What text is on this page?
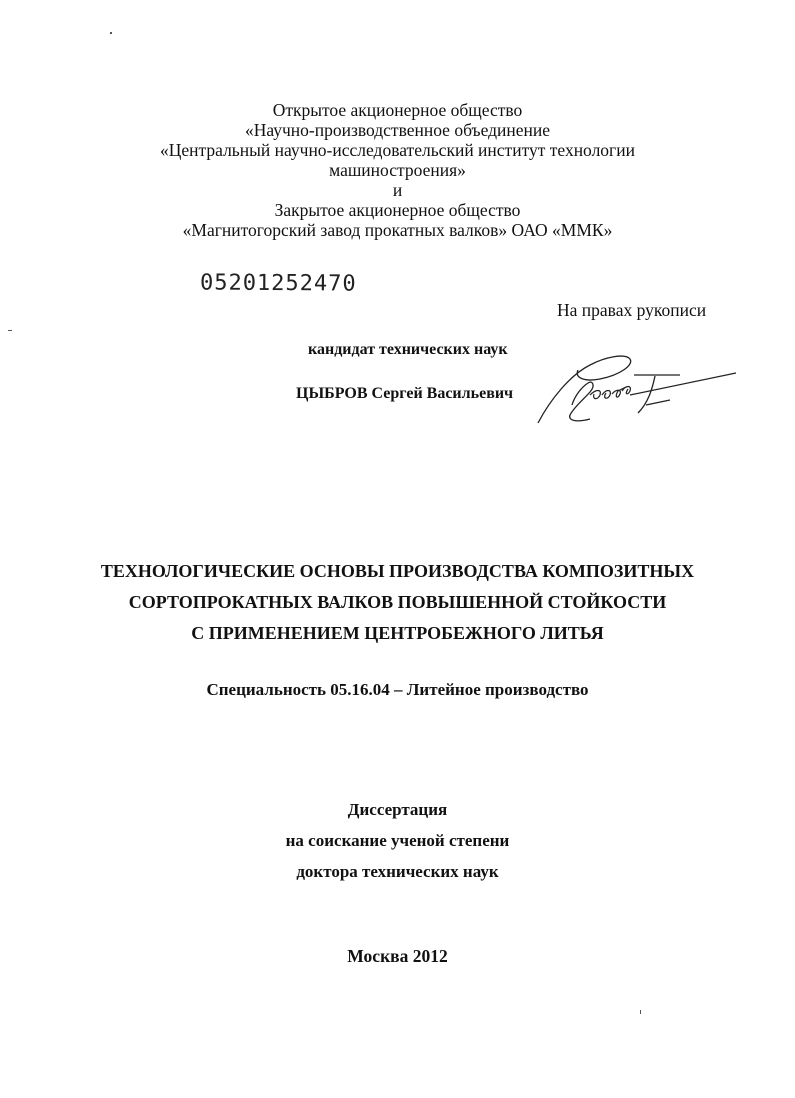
Открытое акционерное общество

«Научно-производственное объединение

«Центральный научно-исследовательский институт технологии

машиностроения»

и

Закрытое акционерное общество

«Магнитогорский завод прокатных валков» ОАО «ММК»

05201252470
На правах рукописи
кандидат технических наук
ЦЫБРОВ Сергей Васильевич

ТЕХНОЛОГИЧЕСКИЕ ОСНОВЫ ПРОИЗВОДСТВА КОМПОЗИТНЫХ

СОРТОПРОКАТНЫХ ВАЛКОВ ПОВЫШЕННОЙ СТОЙКОСТИ

С ПРИМЕНЕНИЕМ ЦЕНТРОБЕЖНОГО ЛИТЬЯ

Специальность 05.16.04 – Литейное производство

Диссертация

на соискание ученой степени

доктора технических наук

Москва 2012
